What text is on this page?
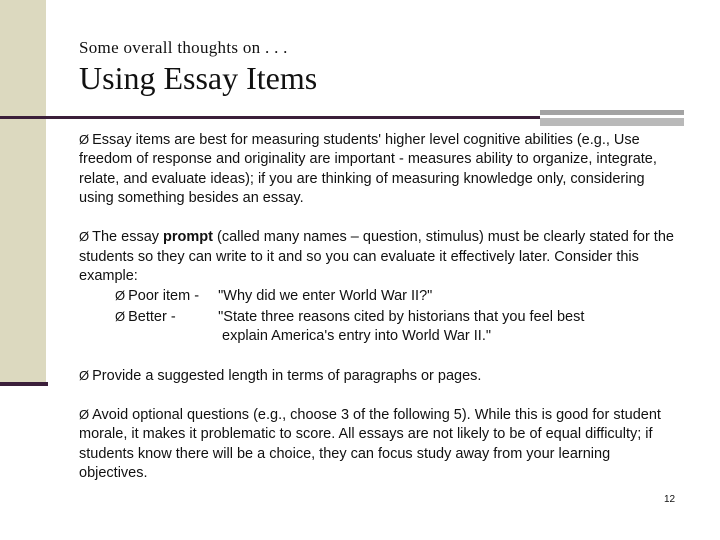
Some overall thoughts on . . .
Using Essay Items
Ø Essay items are best for measuring students' higher level cognitive abilities (e.g., Use freedom of response and originality are important - measures ability to organize, integrate, relate, and evaluate ideas); if you are thinking of measuring knowledge only, considering using something besides an essay.
Ø The essay prompt (called many names – question, stimulus) must be clearly stated for the students so they can write to it and so you can evaluate it effectively later. Consider this example:
Ø Poor item - "Why did we enter World War II?"
Ø Better -	"State three reasons cited by historians that you feel best
explain America's entry into World War II."
Ø Provide a suggested length in terms of paragraphs or pages.
Ø Avoid optional questions (e.g., choose 3 of the following 5). While this is good for student morale, it makes it problematic to score. All essays are not likely to be of equal difficulty; if students know there will be a choice, they can focus study away from your learning objectives.
12
